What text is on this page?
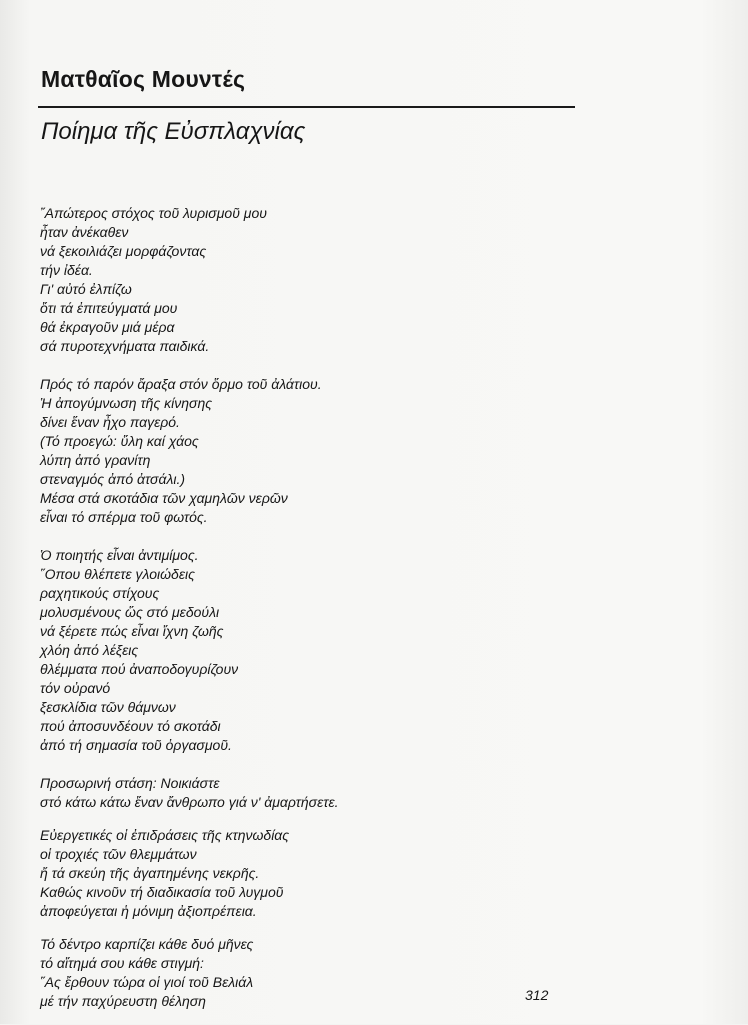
Ματθαῖος Μουντές
Ποίημα τῆς Εὐσπλαχνίας
῎Απώτερος στόχος τοῦ λυρισμοῦ μου
ἦταν ἀνέκαθεν
νά ξεκοιλιάζει μορφάζοντας
τήν ἰδέα.
Γι' αὐτό ἐλπίζω
ὅτι τά ἐπιτεύγματά μου
θά ἐκραγοῦν μιά μέρα
σά πυροτεχνήματα παιδικά.
Πρός τό παρόν ἄραξα στόν ὅρμο τοῦ ἀλάτιου.
Ἡ ἀπογύμνωση τῆς κίνησης
δίνει ἕναν ἦχο παγερό.
(Τό προεγώ: ὕλη καί χάος
λύπη ἀπό γρανίτη
στεναγμός ἀπό ἀτσάλι.)
Μέσα στά σκοτάδια τῶν χαμηλῶν νερῶν
εἶναι τό σπέρμα τοῦ φωτός.
Ὁ ποιητής εἶναι ἀντιμίμος.
῞Οπου θλέπετε γλοιώδεις
ραχητικούς στίχους
μολυσμένους ὥς στό μεδούλι
νά ξέρετε πώς εἶναι ἴχνη ζωῆς
χλόη ἀπό λέξεις
θλέμματα πού ἀναποδογυρίζουν
τόν οὐρανό
ξεσκλίδια τῶν θάμνων
πού ἀποσυνδέουν τό σκοτάδι
ἀπό τή σημασία τοῦ ὀργασμοῦ.
Προσωρινή στάση: Νοικιάστε
στό κάτω κάτω ἕναν ἄνθρωπο γιά ν' ἀμαρτήσετε.
Εὐεργετικές οἱ ἐπιδράσεις τῆς κτηνωδίας
οἱ τροχιές τῶν θλεμμάτων
ἤ τά σκεύη τῆς ἀγαπημένης νεκρῆς.
Καθώς κινοῦν τή διαδικασία τοῦ λυγμοῦ
ἀποφεύγεται ἡ μόνιμη ἀξιοπρέπεια.
Τό δέντρο καρπίζει κάθε δυό μῆνες
τό αἴτημά σου κάθε στιγμή:
῞Ας ἔρθουν τώρα οἱ γιοί τοῦ Βελιάλ
μέ τήν παχύρευστη θέληση	312
